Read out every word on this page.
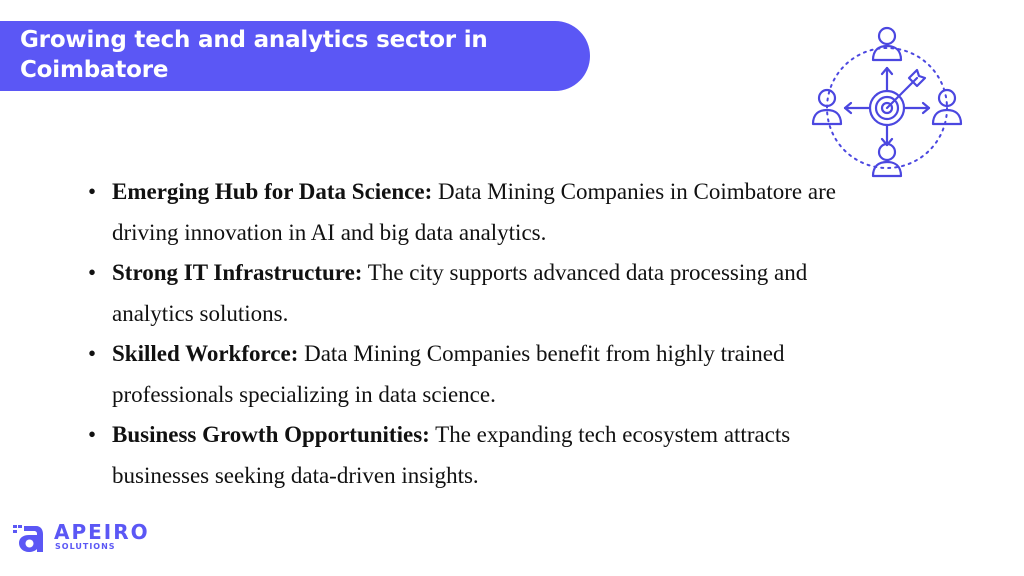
Growing tech and analytics sector in Coimbatore
• Emerging Hub for Data Science: Data Mining Companies in Coimbatore are driving innovation in AI and big data analytics.
• Strong IT Infrastructure: The city supports advanced data processing and analytics solutions.
• Skilled Workforce: Data Mining Companies benefit from highly trained professionals specializing in data science.
• Business Growth Opportunities: The expanding tech ecosystem attracts businesses seeking data-driven insights.
APEIRO
SOLUTIONS
